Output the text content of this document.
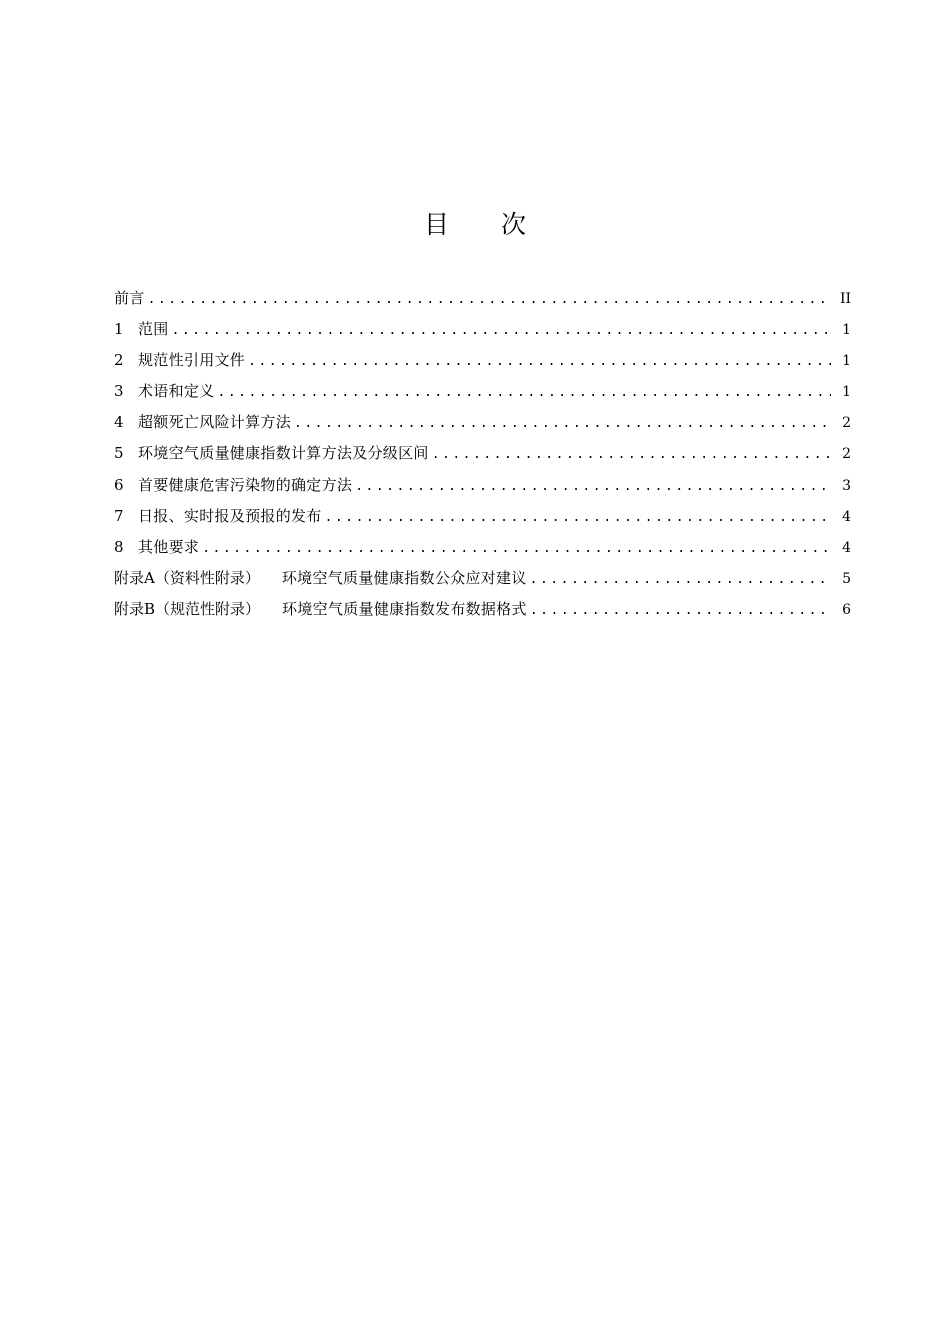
目 次
前言 .....	II
1 范围 .....	1
2 规范性引用文件 .....	1
3 术语和定义 .....	1
4 超额死亡风险计算方法 .....	2
5 环境空气质量健康指数计算方法及分级区间 .....	2
6 首要健康危害污染物的确定方法 .....	3
7 日报、实时报及预报的发布 .....	4
8 其他要求 .....	4
附录A（资料性附录） 环境空气质量健康指数公众应对建议 .....	5
附录B（规范性附录） 环境空气质量健康指数发布数据格式 .....	6
